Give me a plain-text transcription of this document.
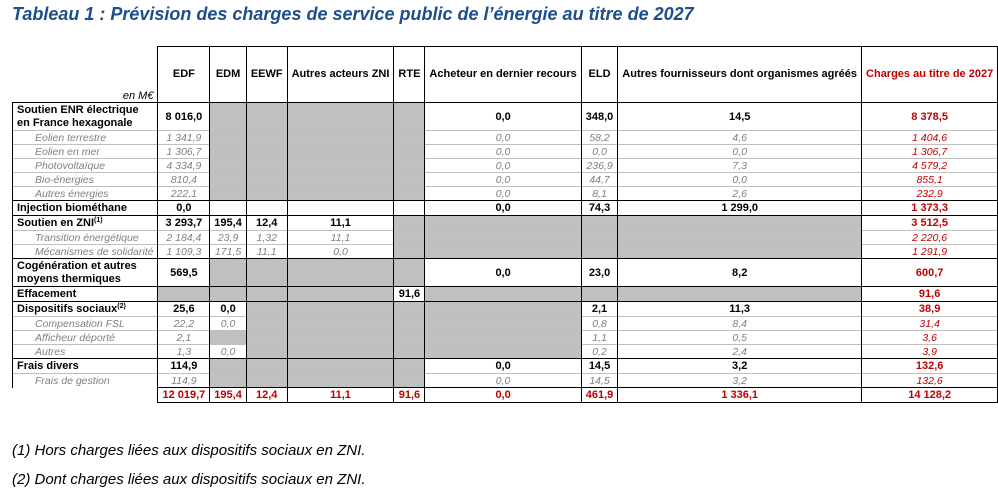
Tableau 1 : Prévision des charges de service public de l’énergie au titre de 2027
en M€	EDF	EDM	EEWF	Autres acteurs ZNI	RTE	Acheteur en dernier recours	ELD	Autres fournisseurs dont organismes agréés	Charges au titre de 2027
Soutien ENR électrique en France hexagonale	8 016,0					0,0	348,0	14,5	8 378,5
Eolien terrestre	1 341,9					0,0	58,2	4,6	1 404,6
Eolien en mer	1 306,7					0,0	0,0	0,0	1 306,7
Photovoltaïque	4 334,9					0,0	236,9	7,3	4 579,2
Bio-énergies	810,4					0,0	44,7	0,0	855,1
Autres énergies	222,1					0,0	8,1	2,6	232,9
Injection biométhane	0,0					0,0	74,3	1 299,0	1 373,3
Soutien en ZNI$^{(1)}$	3 293,7	195,4	12,4	11,1					3 512,5
Transition énergétique	2 184,4	23,9	1,32	11,1					2 220,6
Mécanismes de solidarité	1 109,3	171,5	11,1	0,0					1 291,9
Cogénération et autres moyens thermiques	569,5					0,0	23,0	8,2	600,7
Effacement					91,6				91,6
Dispositifs sociaux$^{(2)}$	25,6	0,0					2,1	11,3	38,9
Compensation FSL	22,2	0,0					0,8	8,4	31,4
Afficheur déporté	2,1						1,1	0,5	3,6
Autres	1,3	0,0					0,2	2,4	3,9
Frais divers	114,9					0,0	14,5	3,2	132,6
Frais de gestion	114,9					0,0	14,5	3,2	132,6
	12 019,7	195,4	12,4	11,1	91,6	0,0	461,9	1 336,1	14 128,2
(1) Hors charges liées aux dispositifs sociaux en ZNI.
(2) Dont charges liées aux dispositifs sociaux en ZNI.
